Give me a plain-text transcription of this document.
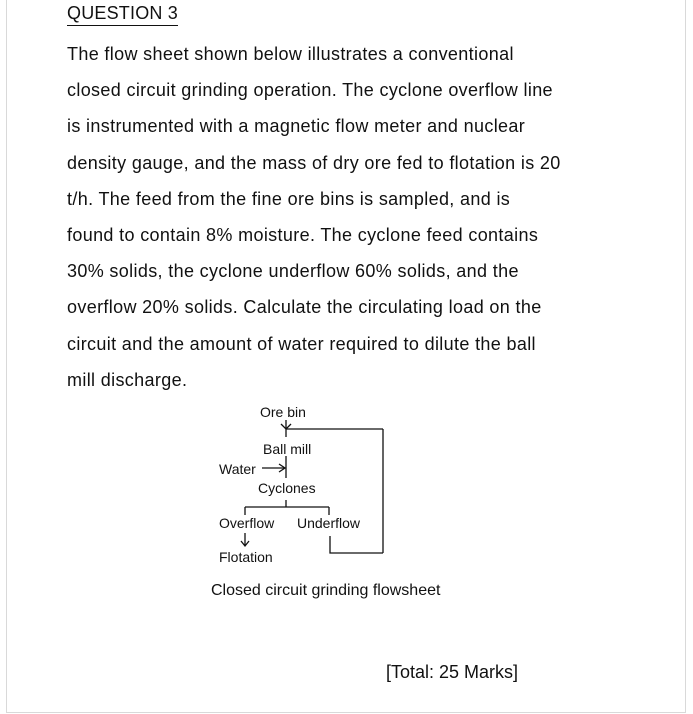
QUESTION 3

The flow sheet shown below illustrates a conventional
closed circuit grinding operation. The cyclone overflow line
is instrumented with a magnetic flow meter and nuclear
density gauge, and the mass of dry ore fed to flotation is 20
t/h. The feed from the fine ore bins is sampled, and is
found to contain 8% moisture. The cyclone feed contains
30% solids, the cyclone underflow 60% solids, and the
overflow 20% solids. Calculate the circulating load on the
circuit and the amount of water required to dilute the ball
mill discharge.

Ore bin
Ball mill
Water
Cyclones
Overflow Underflow
Flotation
Closed circuit grinding flowsheet
[Total: 25 Marks]
